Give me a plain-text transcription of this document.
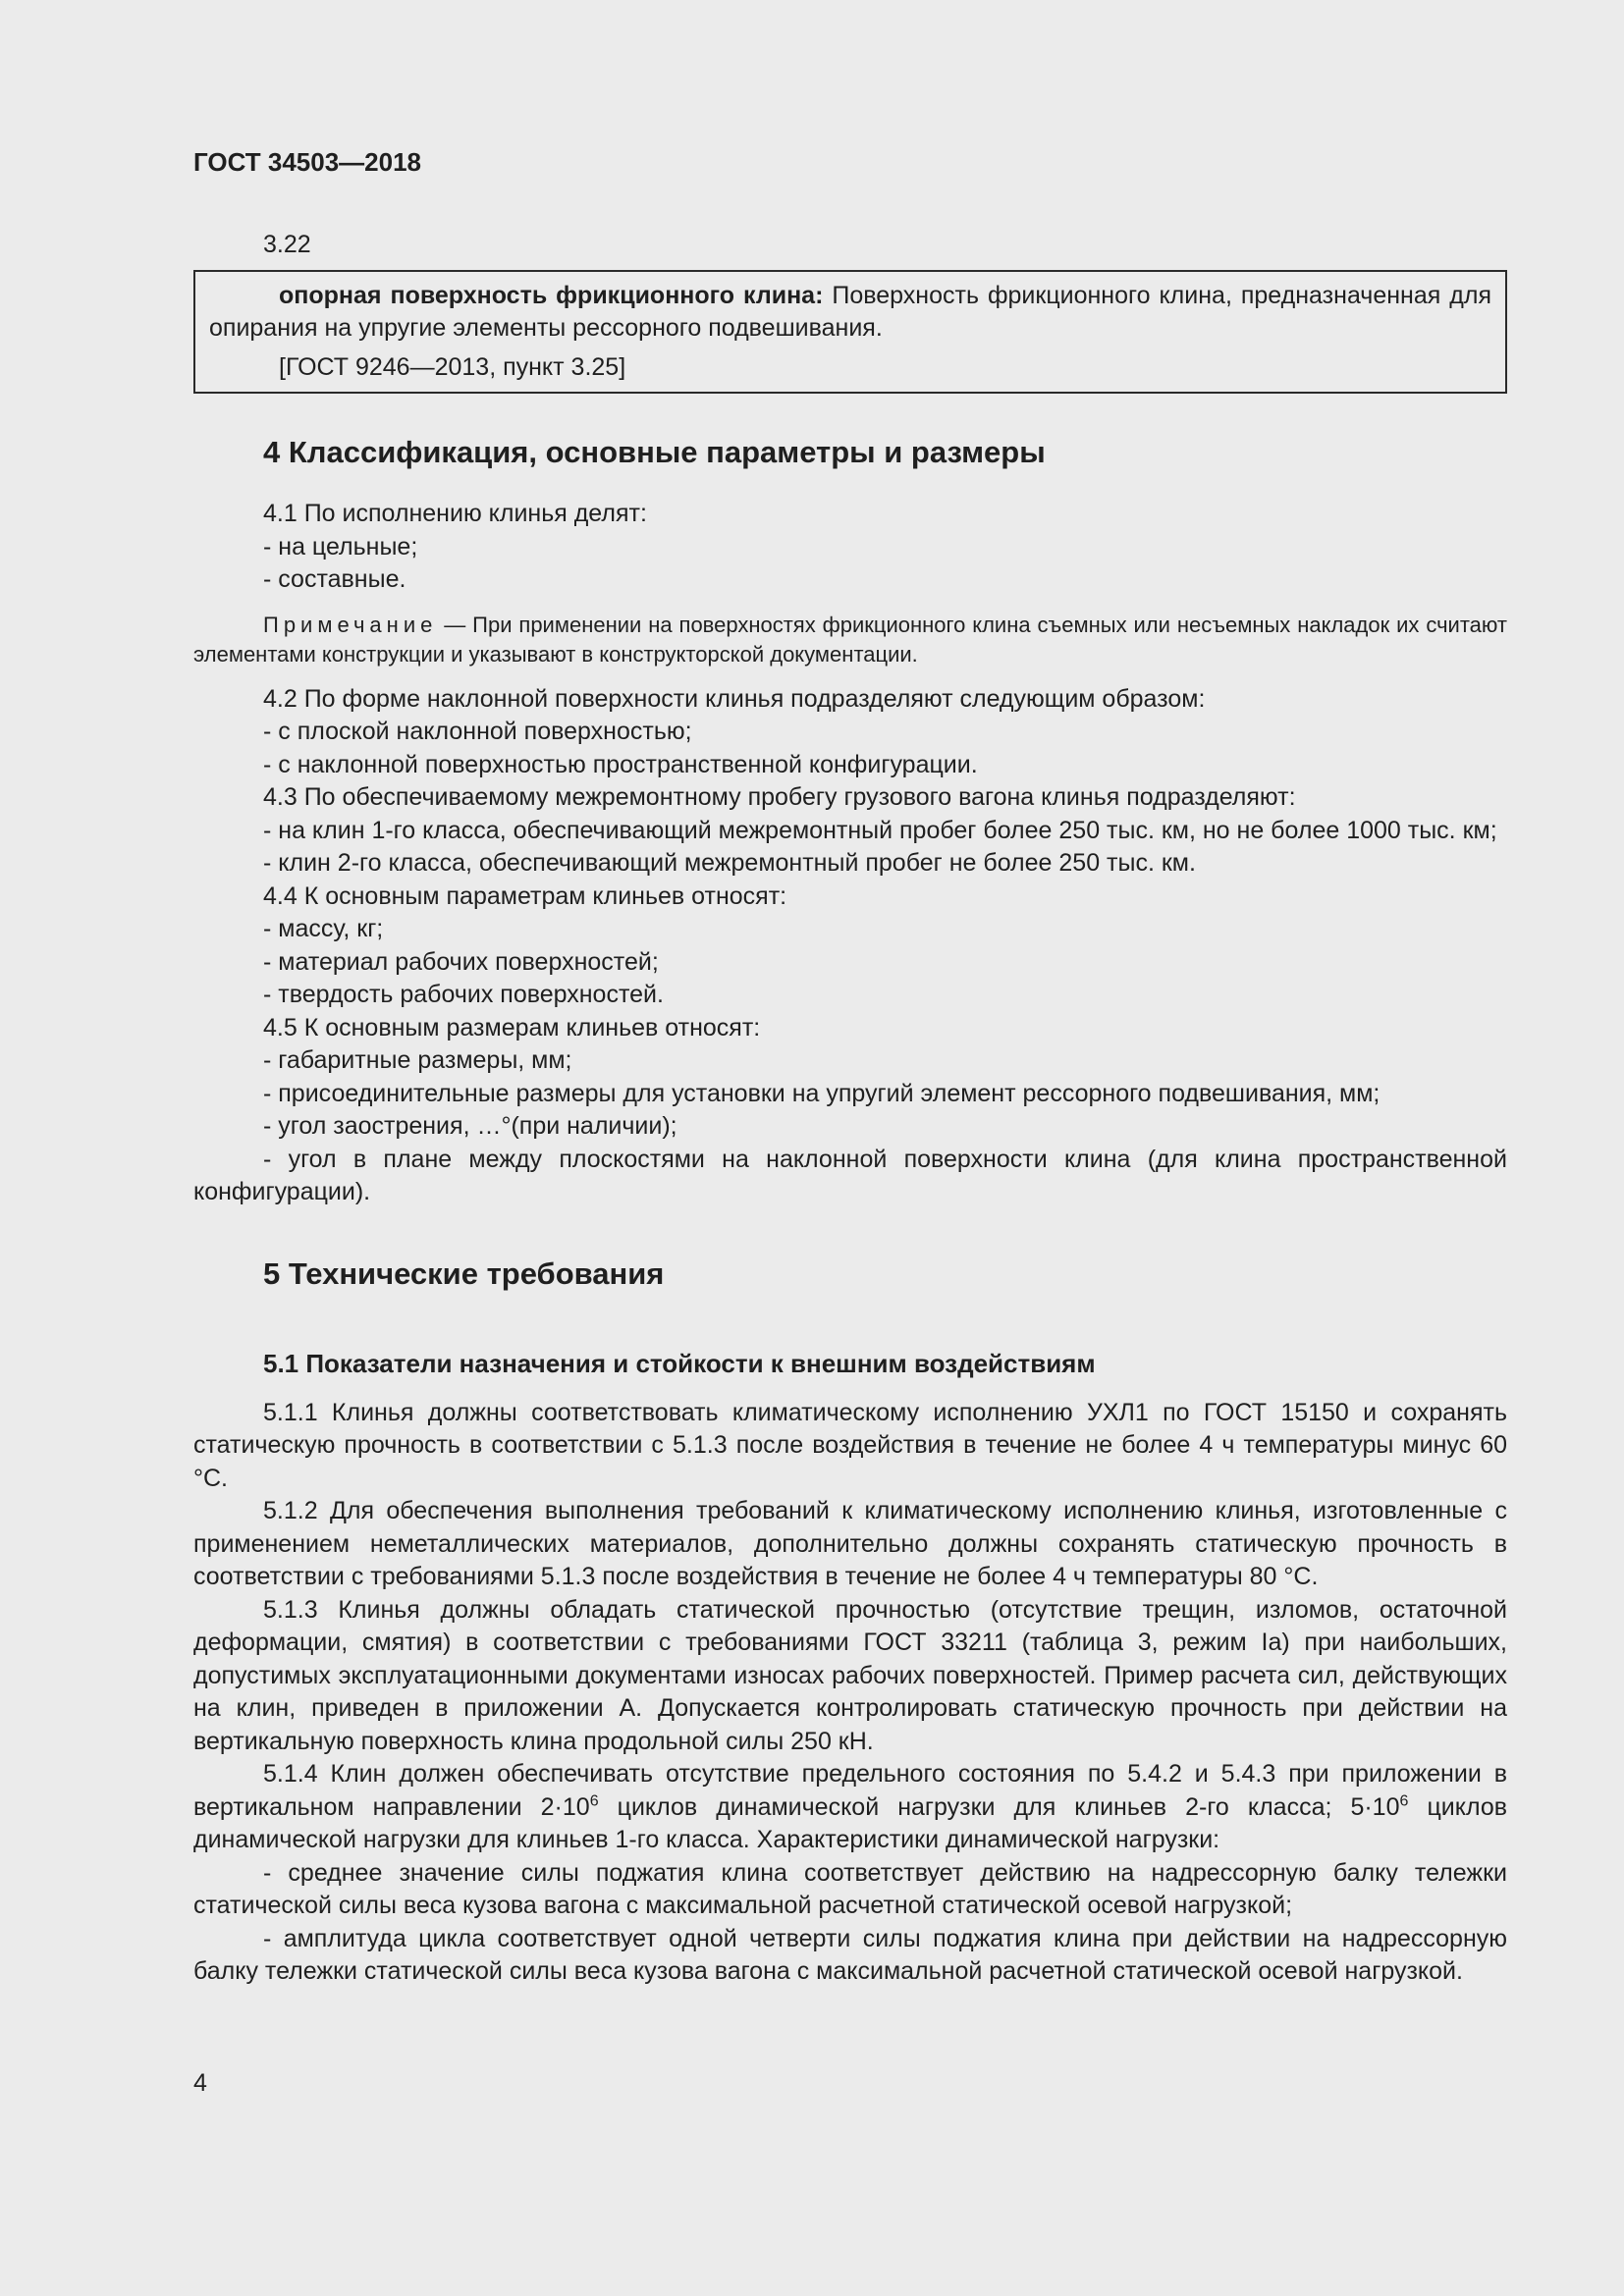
ГОСТ 34503—2018
3.22

опорная поверхность фрикционного клина: Поверхность фрикционного клина, предназначенная для опирания на упругие элементы рессорного подвешивания.

[ГОСТ 9246—2013, пункт 3.25]

4 Классификация, основные параметры и размеры

4.1 По исполнению клинья делят:

- на цельные;

- составные.

Примечание — При применении на поверхностях фрикционного клина съемных или несъемных накладок их считают элементами конструкции и указывают в конструкторской документации.

4.2 По форме наклонной поверхности клинья подразделяют следующим образом:

- с плоской наклонной поверхностью;

- с наклонной поверхностью пространственной конфигурации.

4.3 По обеспечиваемому межремонтному пробегу грузового вагона клинья подразделяют:

- на клин 1-го класса, обеспечивающий межремонтный пробег более 250 тыс. км, но не более 1000 тыс. км;

- клин 2-го класса, обеспечивающий межремонтный пробег не более 250 тыс. км.

4.4 К основным параметрам клиньев относят:

- массу, кг;

- материал рабочих поверхностей;

- твердость рабочих поверхностей.

4.5 К основным размерам клиньев относят:

- габаритные размеры, мм;

- присоединительные размеры для установки на упругий элемент рессорного подвешивания, мм;

- угол заострения, …°(при наличии);

- угол в плане между плоскостями на наклонной поверхности клина (для клина пространственной конфигурации).

5 Технические требования
5.1 Показатели назначения и стойкости к внешним воздействиям

5.1.1 Клинья должны соответствовать климатическому исполнению УХЛ1 по ГОСТ 15150 и сохранять статическую прочность в соответствии с 5.1.3 после воздействия в течение не более 4 ч температуры минус 60 °С.

5.1.2 Для обеспечения выполнения требований к климатическому исполнению клинья, изготовленные с применением неметаллических материалов, дополнительно должны сохранять статическую прочность в соответствии с требованиями 5.1.3 после воздействия в течение не более 4 ч температуры 80 °С.

5.1.3 Клинья должны обладать статической прочностью (отсутствие трещин, изломов, остаточной деформации, смятия) в соответствии с требованиями ГОСТ 33211 (таблица 3, режим Iа) при наибольших, допустимых эксплуатационными документами износах рабочих поверхностей. Пример расчета сил, действующих на клин, приведен в приложении А. Допускается контролировать статическую прочность при действии на вертикальную поверхность клина продольной силы 250 кН.

5.1.4 Клин должен обеспечивать отсутствие предельного состояния по 5.4.2 и 5.4.3 при приложении в вертикальном направлении $2\cdot 10^6$ циклов динамической нагрузки для клиньев 2-го класса; $5\cdot 10^6$ циклов динамической нагрузки для клиньев 1-го класса. Характеристики динамической нагрузки:

- среднее значение силы поджатия клина соответствует действию на надрессорную балку тележки статической силы веса кузова вагона с максимальной расчетной статической осевой нагрузкой;

- амплитуда цикла соответствует одной четверти силы поджатия клина при действии на надрессорную балку тележки статической силы веса кузова вагона с максимальной расчетной статической осевой нагрузкой.

4
